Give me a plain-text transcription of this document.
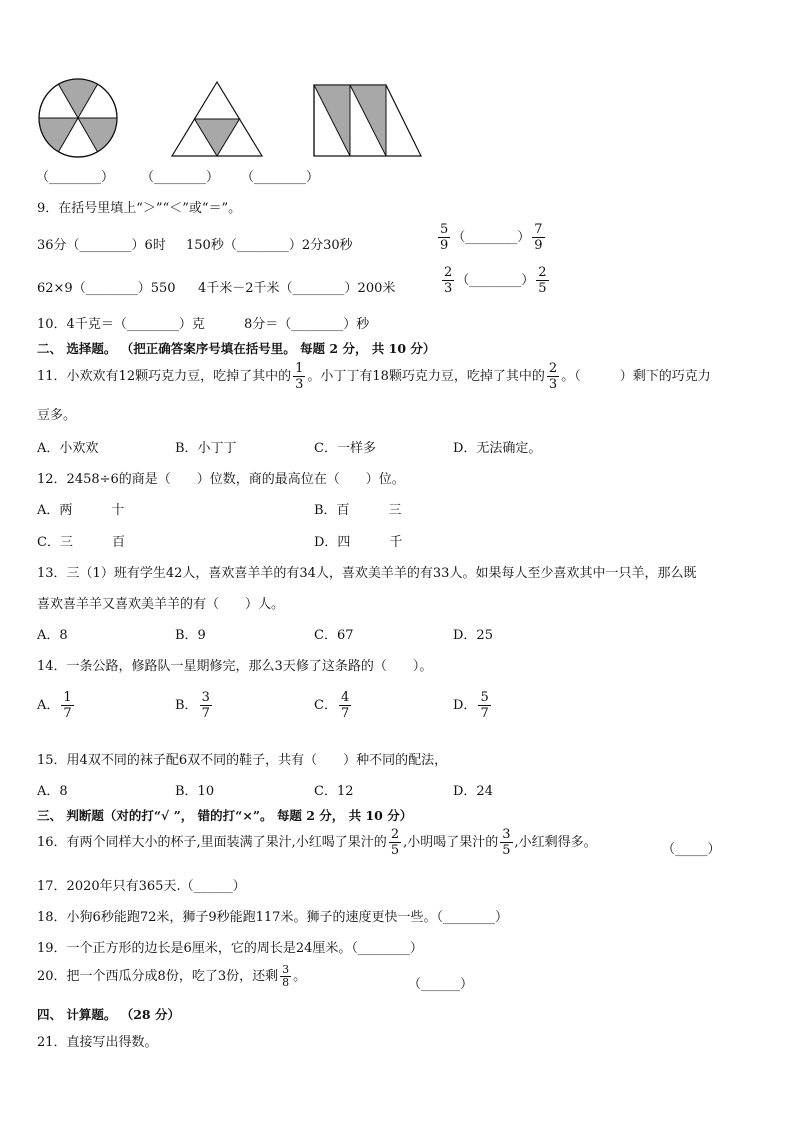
（________） （________） （________）
9．在括号里填上“＞”“＜”或“＝”。
36分（________）6时 150秒（________）2分30秒	$\frac{5}{9}$ （________） $\frac{7}{9}$
62×9（________）550 4千米－2千米（________）200米	$\frac{2}{3}$ （________） $\frac{2}{5}$
10．4千克＝（________）克	8分＝（________）秒
二、 选择题。 （把正确答案序号填在括号里。 每题 2 分， 共 10 分）
11．小欢欢有12颗巧克力豆，吃掉了其中的 $\frac{1}{3}$ 。小丁丁有18颗巧克力豆，吃掉了其中的 $\frac{2}{3}$ 。（　　　）剩下的巧克力
豆多。
A．小欢欢	B．小丁丁	C．一样多	D．无法确定。
12．2458÷6的商是（　　）位数，商的最高位在（　　）位。
A．两　　　十	B．百　　　三
C．三　　　百	D．四　　　千
13．三（1）班有学生42人，喜欢喜羊羊的有34人，喜欢美羊羊的有33人。如果每人至少喜欢其中一只羊，那么既
喜欢喜羊羊又喜欢美羊羊的有（　　）人。
A．8	B．9	C．67	D．25
14．一条公路，修路队一星期修完，那么3天修了这条路的（　　）。
A． $\frac{1}{7}$	B． $\frac{3}{7}$	C． $\frac{4}{7}$	D． $\frac{5}{7}$
15．用4双不同的袜子配6双不同的鞋子，共有（　　）种不同的配法，
A．8	B．10	C．12	D．24
三、 判断题（对的打“√ ”， 错的打“×”。 每题 2 分， 共 10 分）
16．有两个同样大小的杯子,里面装满了果汁,小红喝了果汁的 $\frac{2}{5}$ ,小明喝了果汁的 $\frac{3}{5}$ ,小红剩得多。	（_____）
17．2020年只有365天.（______）
18．小狗6秒能跑72米，狮子9秒能跑117米。狮子的速度更快一些。（________）
19．一个正方形的边长是6厘米，它的周长是24厘米。（________）
20．把一个西瓜分成8份，吃了3份，还剩 $\frac{3}{8}$ 。
（______）
四、 计算题。 （28 分）
21．直接写出得数。
